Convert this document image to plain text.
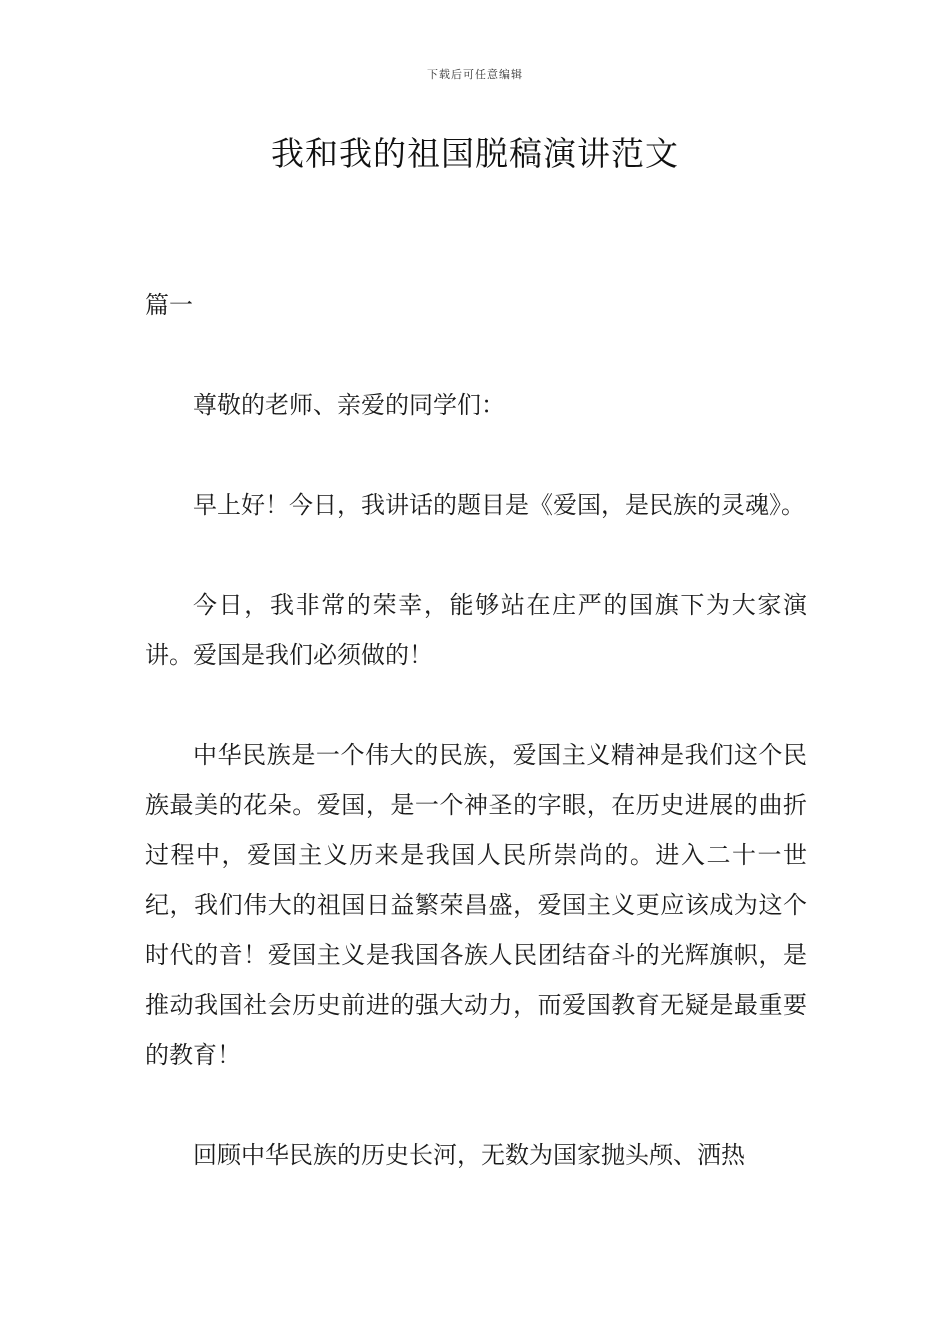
下载后可任意编辑
我和我的祖国脱稿演讲范文
篇一

尊敬的老师、亲爱的同学们：

早上好！今日，我讲话的题目是《爱国，是民族的灵魂》。

今日，我非常的荣幸，能够站在庄严的国旗下为大家演讲。爱国是我们必须做的！

中华民族是一个伟大的民族，爱国主义精神是我们这个民族最美的花朵。爱国，是一个神圣的字眼，在历史进展的曲折过程中，爱国主义历来是我国人民所崇尚的。进入二十一世纪，我们伟大的祖国日益繁荣昌盛，爱国主义更应该成为这个时代的音！爱国主义是我国各族人民团结奋斗的光辉旗帜，是推动我国社会历史前进的强大动力，而爱国教育无疑是最重要的教育！

回顾中华民族的历史长河，无数为国家抛头颅、洒热
